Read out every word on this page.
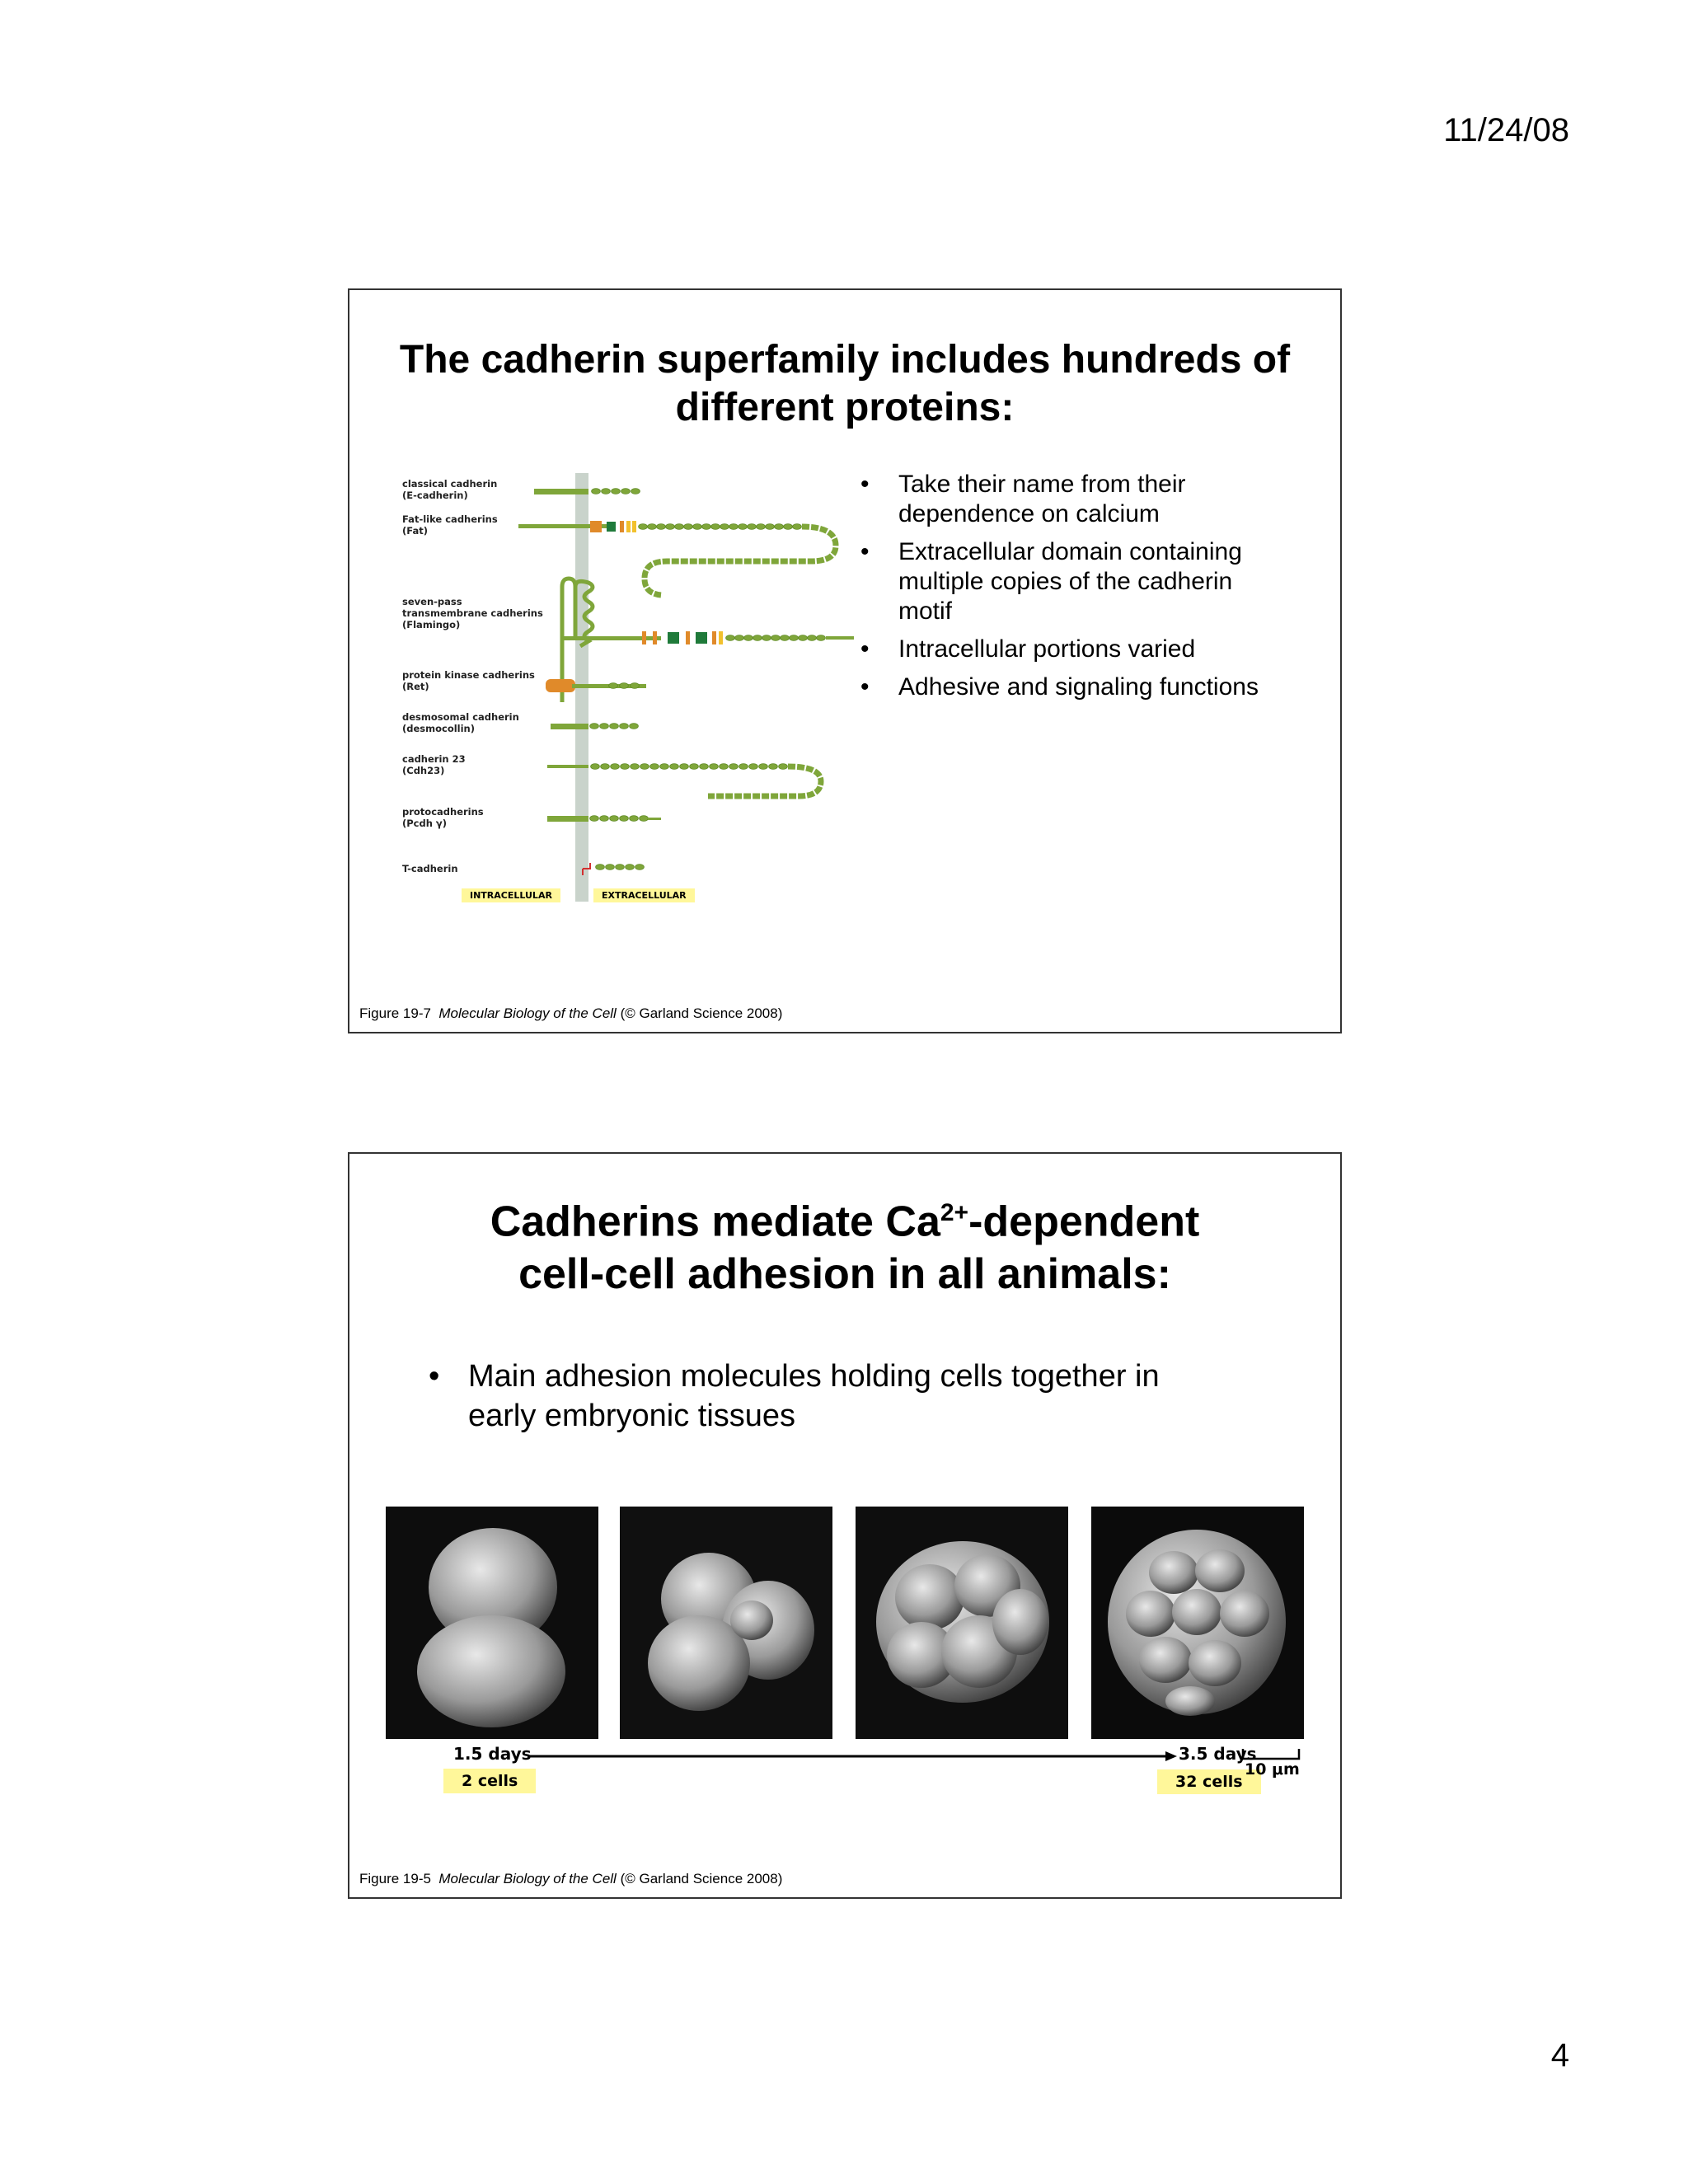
11/24/08
The cadherin superfamily includes hundreds of
different proteins:
classical cadherin
(E-cadherin)
Fat-like cadherins
(Fat)
seven-pass
transmembrane cadherins
(Flamingo)
protein kinase cadherins
(Ret)
desmosomal cadherin
(desmocollin)
cadherin 23
(Cdh23)
protocadherins
(Pcdh γ)
T-cadherin
INTRACELLULAR	EXTRACELLULAR
• Take their name from their dependence on calcium
• Extracellular domain containing multiple copies of the cadherin motif
• Intracellular portions varied
• Adhesive and signaling functions
Figure 19-7 Molecular Biology of the Cell (© Garland Science 2008)
Cadherins mediate $Ca^{2+}$-dependent
cell-cell adhesion in all animals:
• Main adhesion molecules holding cells together in early embryonic tissues
1.5 days	3.5 days
2 cells	32 cells
10 μm
Figure 19-5 Molecular Biology of the Cell (© Garland Science 2008)
4
